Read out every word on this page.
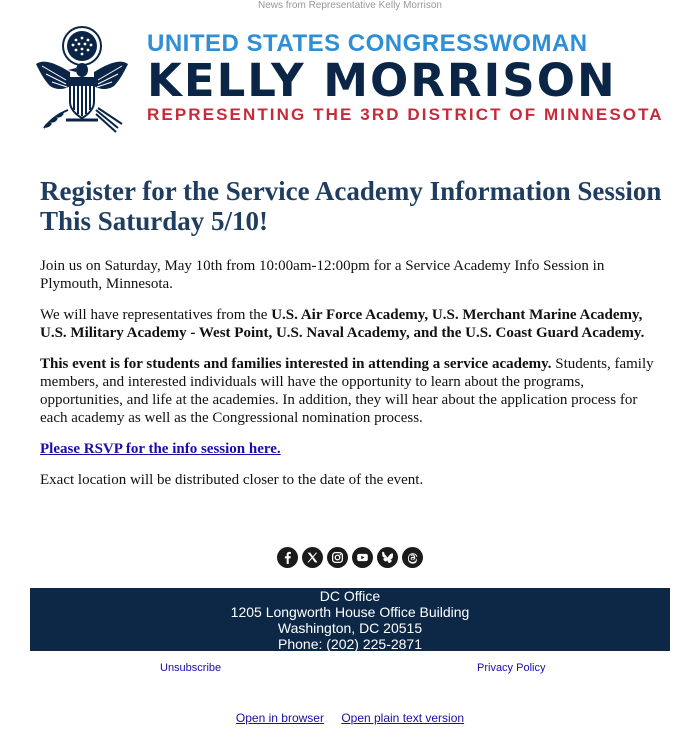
News from Representative Kelly Morrison
UNITED STATES CONGRESSWOMAN
KELLY MORRISON
REPRESENTING THE 3RD DISTRICT OF MINNESOTA
Register for the Service Academy Information Session This Saturday 5/10!

Join us on Saturday, May 10th from 10:00am-12:00pm for a Service Academy Info Session in Plymouth, Minnesota.

We will have representatives from the U.S. Air Force Academy, U.S. Merchant Marine Academy, U.S. Military Academy - West Point, U.S. Naval Academy, and the U.S. Coast Guard Academy.

This event is for students and families interested in attending a service academy. Students, family members, and interested individuals will have the opportunity to learn about the programs, opportunities, and life at the academies. In addition, they will hear about the application process for each academy as well as the Congressional nomination process.

Please RSVP for the info session here.

Exact location will be distributed closer to the date of the event.

DC Office
1205 Longworth House Office Building
Washington, DC 20515
Phone: (202) 225-2871
Unsubscribe	Privacy Policy
Open in browser Open plain text version
